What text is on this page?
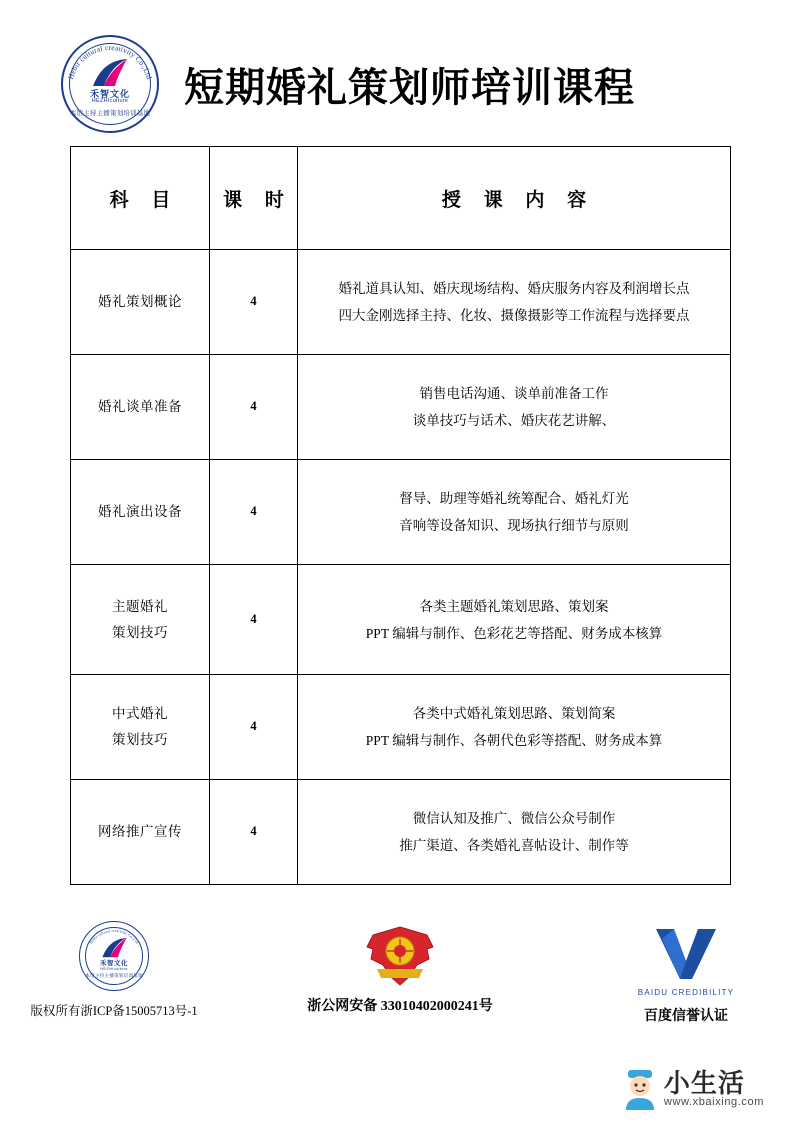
Hebir cultural creativity Co.,Ltd
禾智文化
HEZHIculture
本馆主持主播策划培训基地
短期婚礼策划师培训课程
科 目	课 时	授 课 内 容

婚礼策划概论	4	婚礼道具认知、婚庆现场结构、婚庆服务内容及利润增长点
四大金刚选择主持、化妆、摄像摄影等工作流程与选择要点

婚礼谈单准备	4	销售电话沟通、谈单前准备工作
谈单技巧与话术、婚庆花艺讲解、

婚礼演出设备	4	督导、助理等婚礼统筹配合、婚礼灯光
音响等设备知识、现场执行细节与原则

主题婚礼
策划技巧	4	各类主题婚礼策划思路、策划案
PPT 编辑与制作、色彩花艺等搭配、财务成本核算

中式婚礼
策划技巧	4	各类中式婚礼策划思路、策划简案
PPT 编辑与制作、各朝代色彩等搭配、财务成本算

网络推广宣传	4	微信认知及推广、微信公众号制作
推广渠道、各类婚礼喜帖设计、制作等
Hebir cultural creativity Co.,Ltd
禾智文化
HEZHIculture
本馆主持主播策划培训基地
版权所有浙ICP备15005713号-1	浙公网安备 33010402000241号
BAIDU CREDIBILITY
百度信誉认证
小生活
www.xbaixing.com
